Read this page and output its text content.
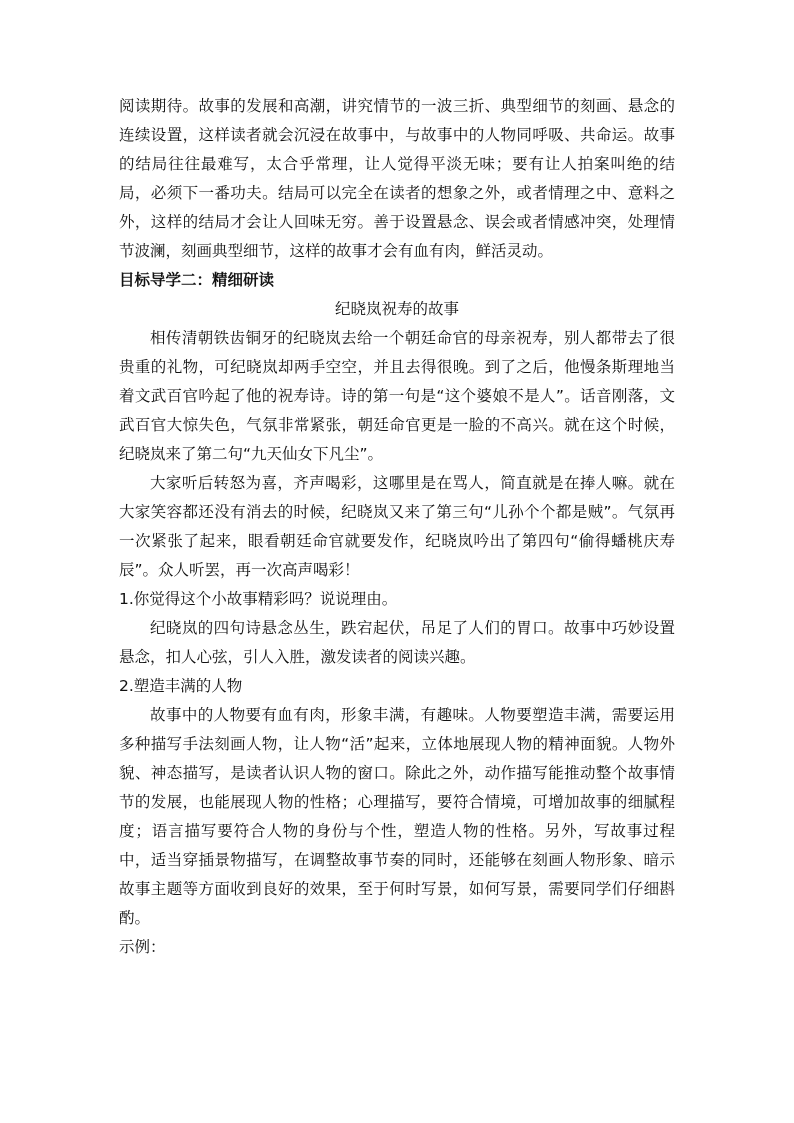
阅读期待。故事的发展和高潮，讲究情节的一波三折、典型细节的刻画、悬念的连续设置，这样读者就会沉浸在故事中，与故事中的人物同呼吸、共命运。故事的结局往往最难写，太合乎常理，让人觉得平淡无味；要有让人拍案叫绝的结局，必须下一番功夫。结局可以完全在读者的想象之外，或者情理之中、意料之外，这样的结局才会让人回味无穷。善于设置悬念、误会或者情感冲突，处理情节波澜，刻画典型细节，这样的故事才会有血有肉，鲜活灵动。

目标导学二：精细研读

纪晓岚祝寿的故事

相传清朝铁齿铜牙的纪晓岚去给一个朝廷命官的母亲祝寿，别人都带去了很贵重的礼物，可纪晓岚却两手空空，并且去得很晚。到了之后，他慢条斯理地当着文武百官吟起了他的祝寿诗。诗的第一句是“这个婆娘不是人”。话音刚落，文武百官大惊失色，气氛非常紧张，朝廷命官更是一脸的不高兴。就在这个时候，纪晓岚来了第二句“九天仙女下凡尘”。

大家听后转怒为喜，齐声喝彩，这哪里是在骂人，简直就是在捧人嘛。就在大家笑容都还没有消去的时候，纪晓岚又来了第三句“儿孙个个都是贼”。气氛再一次紧张了起来，眼看朝廷命官就要发作，纪晓岚吟出了第四句“偷得蟠桃庆寿辰”。众人听罢，再一次高声喝彩！

1.你觉得这个小故事精彩吗？说说理由。

纪晓岚的四句诗悬念丛生，跌宕起伏，吊足了人们的胃口。故事中巧妙设置悬念，扣人心弦，引人入胜，激发读者的阅读兴趣。

2.塑造丰满的人物

故事中的人物要有血有肉，形象丰满，有趣味。人物要塑造丰满，需要运用多种描写手法刻画人物，让人物“活”起来，立体地展现人物的精神面貌。人物外貌、神态描写，是读者认识人物的窗口。除此之外，动作描写能推动整个故事情节的发展，也能展现人物的性格；心理描写，要符合情境，可增加故事的细腻程度；语言描写要符合人物的身份与个性，塑造人物的性格。另外，写故事过程中，适当穿插景物描写，在调整故事节奏的同时，还能够在刻画人物形象、暗示故事主题等方面收到良好的效果，至于何时写景，如何写景，需要同学们仔细斟酌。

示例：
